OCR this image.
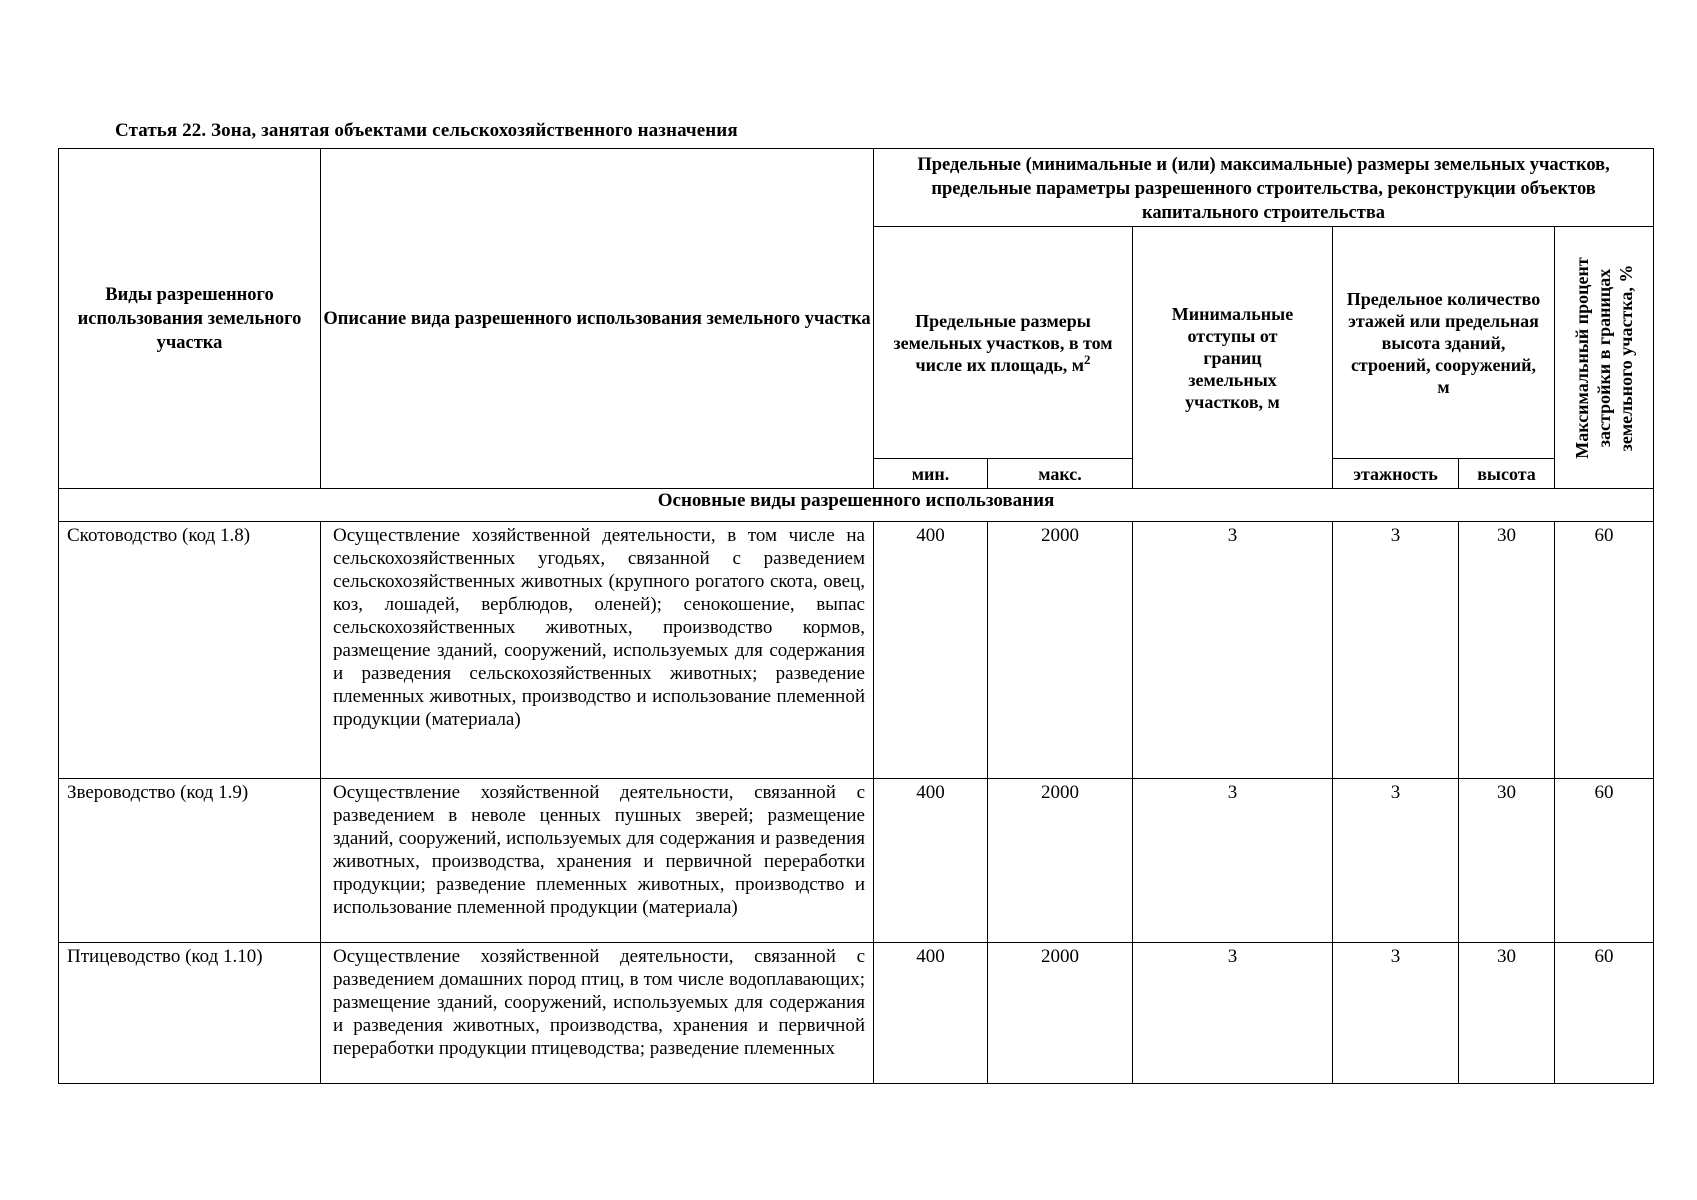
Статья 22. Зона, занятая объектами сельскохозяйственного назначения
Виды разрешенного использования земельного участка	Описание вида разрешенного использования земельного участка	Предельные (минимальные и (или) максимальные) размеры земельных участков, предельные параметры разрешенного строительства, реконструкции объектов капитального строительства					
		Предельные размеры земельных участков, в том числе их площадь, $м^2$		Минимальные отступы от границ земельных участков, м	Предельное количество этажей или предельная высота зданий, строений, сооружений, м		Максимальный процент застройки в границах земельного участка, %

		мин.	макс.		этажность	высота	
Основные виды разрешенного использования							
Скотоводство (код 1.8)	Осуществление хозяйственной деятельности, в том числе на сельскохозяйственных угодьях, связанной с разведением сельскохозяйственных животных (крупного рогатого скота, овец, коз, лошадей, верблюдов, оленей); сенокошение, выпас сельскохозяйственных животных, производство кормов, размещение зданий, сооружений, используемых для содержания и разведения сельскохозяйственных животных; разведение племенных животных, производство и использование племенной продукции (материала)	400	2000	3	3	30	60
Звероводство (код 1.9)	Осуществление хозяйственной деятельности, связанной с разведением в неволе ценных пушных зверей; размещение зданий, сооружений, используемых для содержания и разведения животных, производства, хранения и первичной переработки продукции; разведение племенных животных, производство и использование племенной продукции (материала)	400	2000	3	3	30	60
Птицеводство (код 1.10)	Осуществление хозяйственной деятельности, связанной с разведением домашних пород птиц, в том числе водоплавающих; размещение зданий, сооружений, используемых для содержания и разведения животных, производства, хранения и первичной переработки продукции птицеводства; разведение племенных	400	2000	3	3	30	60
